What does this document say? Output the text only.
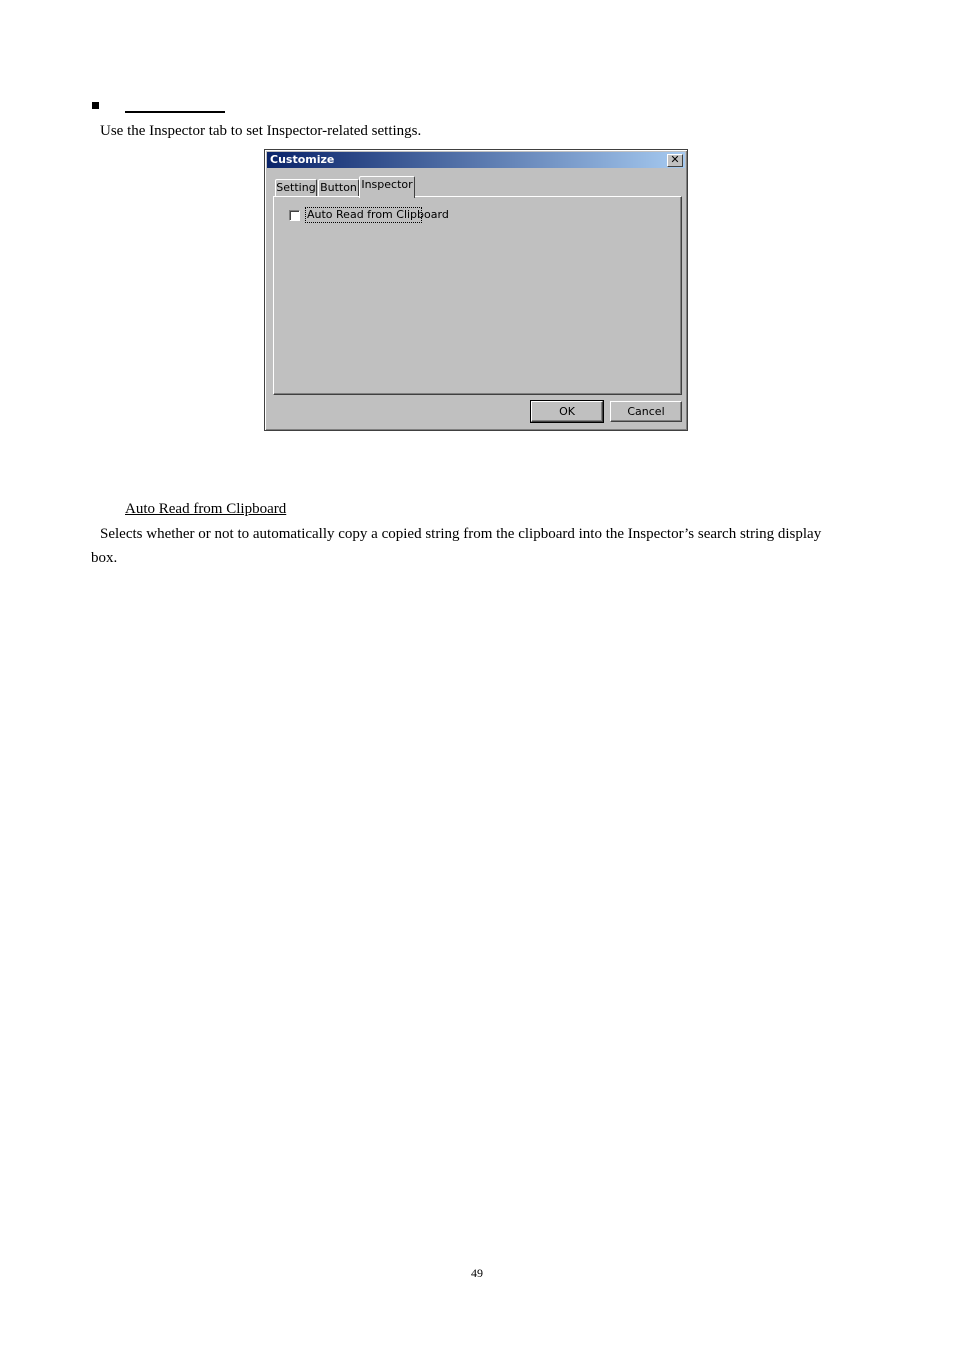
Use the Inspector tab to set Inspector-related settings.
Customize	✕
Setting Button Inspector
Auto Read from Clipboard
OK	Cancel
Auto Read from Clipboard
Selects whether or not to automatically copy a copied string from the clipboard into the Inspector’s search string display box.
49
